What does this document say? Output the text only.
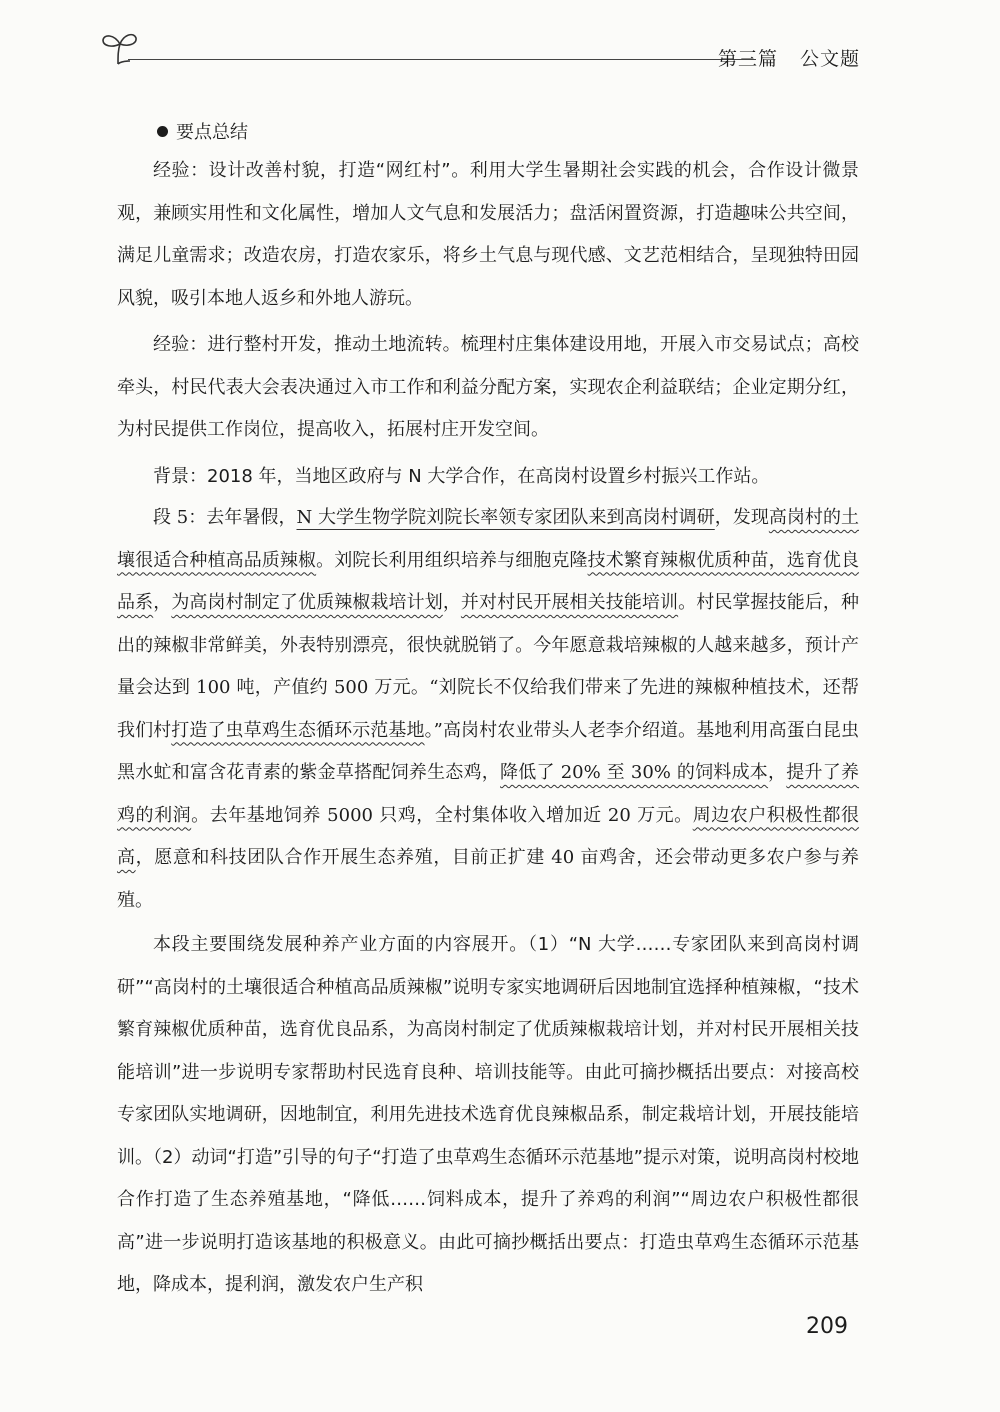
第三篇 公文题
要点总结

经验：设计改善村貌，打造“网红村”。利用大学生暑期社会实践的机会，合作设计微景观，兼顾实用性和文化属性，增加人文气息和发展活力；盘活闲置资源，打造趣味公共空间，满足儿童需求；改造农房，打造农家乐，将乡土气息与现代感、文艺范相结合，呈现独特田园风貌，吸引本地人返乡和外地人游玩。

经验：进行整村开发，推动土地流转。梳理村庄集体建设用地，开展入市交易试点；高校牵头，村民代表大会表决通过入市工作和利益分配方案，实现农企利益联结；企业定期分红，为村民提供工作岗位，提高收入，拓展村庄开发空间。

背景：2018 年，当地区政府与 N 大学合作，在高岗村设置乡村振兴工作站。

段 5：去年暑假，N 大学生物学院刘院长率领专家团队来到高岗村调研，发现高岗村的土壤很适合种植高品质辣椒。刘院长利用组织培养与细胞克隆技术繁育辣椒优质种苗，选育优良品系，为高岗村制定了优质辣椒栽培计划，并对村民开展相关技能培训。村民掌握技能后，种出的辣椒非常鲜美，外表特别漂亮，很快就脱销了。今年愿意栽培辣椒的人越来越多，预计产量会达到 100 吨，产值约 500 万元。“刘院长不仅给我们带来了先进的辣椒种植技术，还帮我们村打造了虫草鸡生态循环示范基地。”高岗村农业带头人老李介绍道。基地利用高蛋白昆虫黑水虻和富含花青素的紫金草搭配饲养生态鸡，降低了 20% 至 30% 的饲料成本，提升了养鸡的利润。去年基地饲养 5000 只鸡，全村集体收入增加近 20 万元。周边农户积极性都很高，愿意和科技团队合作开展生态养殖，目前正扩建 40 亩鸡舍，还会带动更多农户参与养殖。

本段主要围绕发展种养产业方面的内容展开。（1）“N 大学……专家团队来到高岗村调研”“高岗村的土壤很适合种植高品质辣椒”说明专家实地调研后因地制宜选择种植辣椒，“技术繁育辣椒优质种苗，选育优良品系，为高岗村制定了优质辣椒栽培计划，并对村民开展相关技能培训”进一步说明专家帮助村民选育良种、培训技能等。由此可摘抄概括出要点：对接高校专家团队实地调研，因地制宜，利用先进技术选育优良辣椒品系，制定栽培计划，开展技能培训。（2）动词“打造”引导的句子“打造了虫草鸡生态循环示范基地”提示对策，说明高岗村校地合作打造了生态养殖基地，“降低……饲料成本，提升了养鸡的利润”“周边农户积极性都很高”进一步说明打造该基地的积极意义。由此可摘抄概括出要点：打造虫草鸡生态循环示范基地，降成本，提利润，激发农户生产积

209
